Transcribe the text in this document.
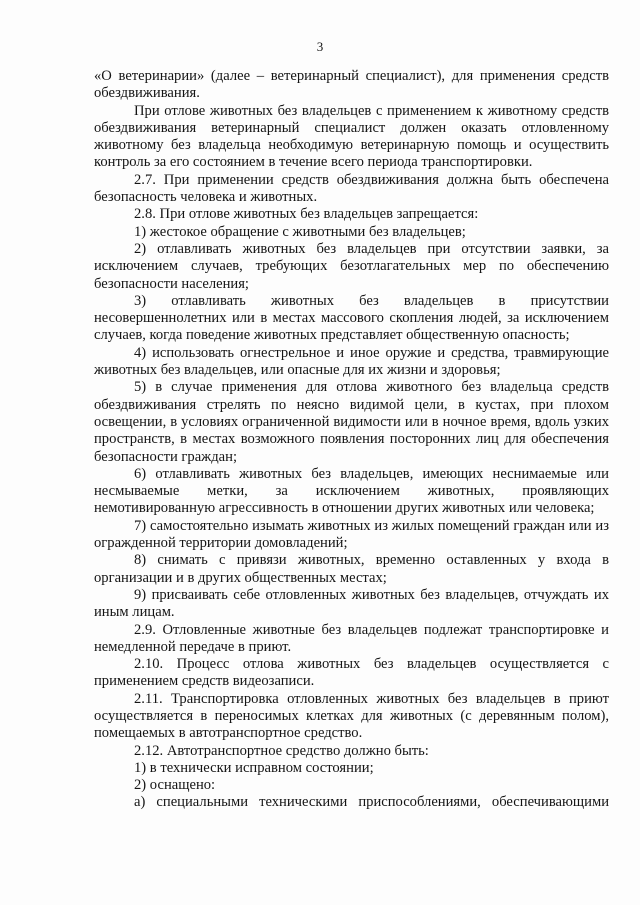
3

«О ветеринарии» (далее – ветеринарный специалист), для применения средств обездвиживания.

При отлове животных без владельцев с применением к животному средств обездвиживания ветеринарный специалист должен оказать отловленному животному без владельца необходимую ветеринарную помощь и осуществить контроль за его состоянием в течение всего периода транспортировки.

2.7. При применении средств обездвиживания должна быть обеспечена безопасность человека и животных.

2.8. При отлове животных без владельцев запрещается:

1) жестокое обращение с животными без владельцев;

2) отлавливать животных без владельцев при отсутствии заявки, за исключением случаев, требующих безотлагательных мер по обеспечению безопасности населения;

3) отлавливать животных без владельцев в присутствии несовершеннолетних или в местах массового скопления людей, за исключением случаев, когда поведение животных представляет общественную опасность;

4) использовать огнестрельное и иное оружие и средства, травмирующие животных без владельцев, или опасные для их жизни и здоровья;

5) в случае применения для отлова животного без владельца средств обездвиживания стрелять по неясно видимой цели, в кустах, при плохом освещении, в условиях ограниченной видимости или в ночное время, вдоль узких пространств, в местах возможного появления посторонних лиц для обеспечения безопасности граждан;

6) отлавливать животных без владельцев, имеющих неснимаемые или несмываемые метки, за исключением животных, проявляющих немотивированную агрессивность в отношении других животных или человека;

7) самостоятельно изымать животных из жилых помещений граждан или из огражденной территории домовладений;

8) снимать с привязи животных, временно оставленных у входа в организации и в других общественных местах;

9) присваивать себе отловленных животных без владельцев, отчуждать их иным лицам.

2.9. Отловленные животные без владельцев подлежат транспортировке и немедленной передаче в приют.

2.10. Процесс отлова животных без владельцев осуществляется с применением средств видеозаписи.

2.11. Транспортировка отловленных животных без владельцев в приют осуществляется в переносимых клетках для животных (с деревянным полом), помещаемых в автотранспортное средство.

2.12. Автотранспортное средство должно быть:

1) в технически исправном состоянии;

2) оснащено:

а) специальными техническими приспособлениями, обеспечивающими
